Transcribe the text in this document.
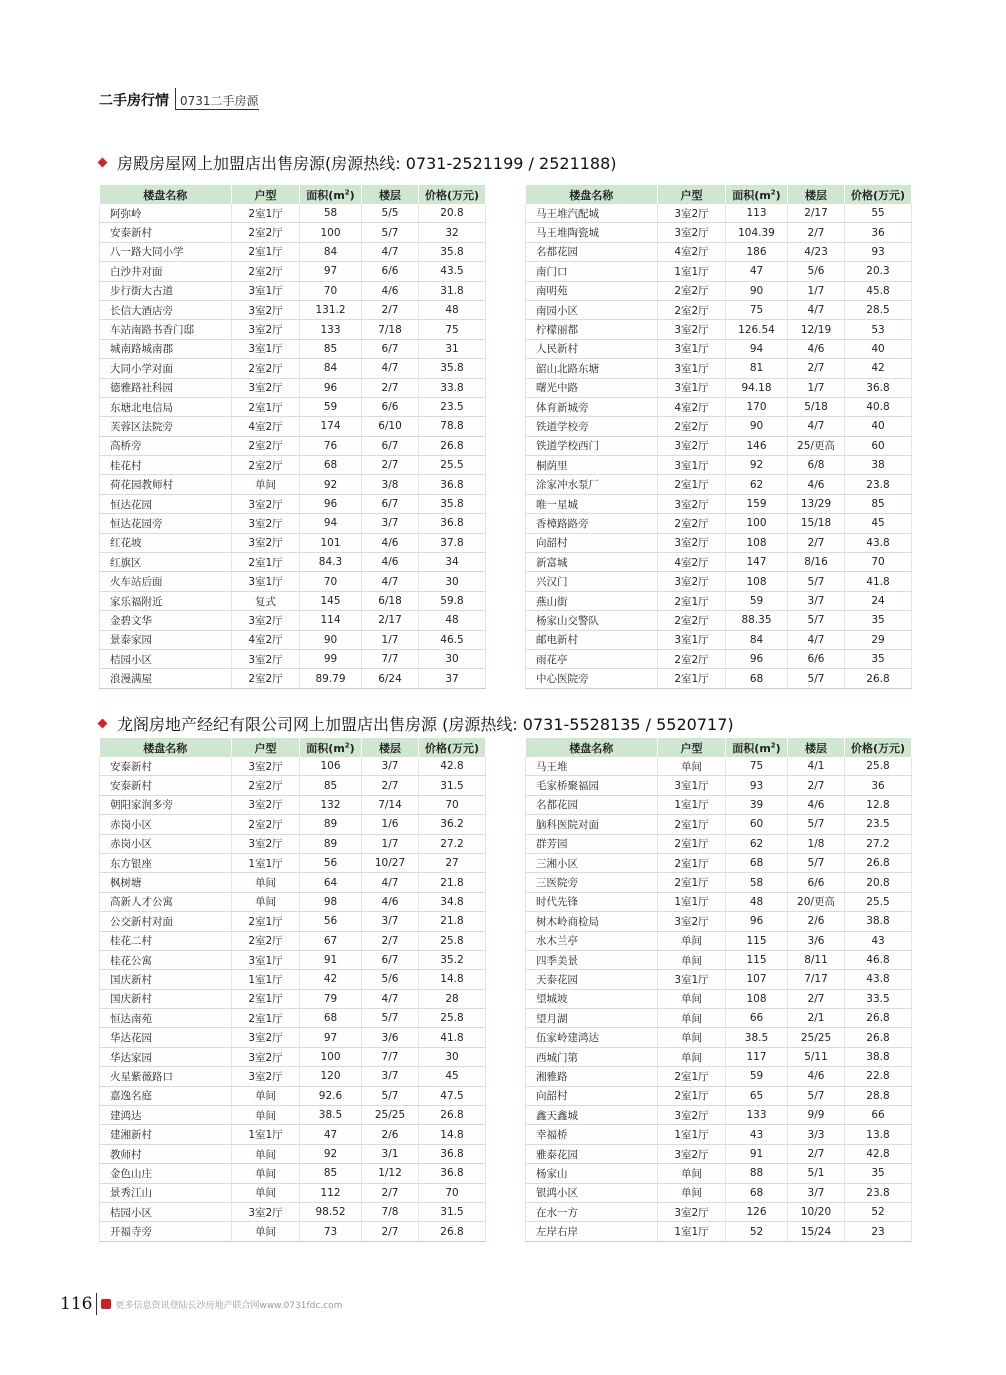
二手房行情 0731二手房源
房殿房屋网上加盟店出售房源(房源热线: 0731-2521199 / 2521188)
楼盘名称	户型	面积$(m^2)$	楼层	价格(万元)
阿弥岭	2室1厅	58	5/5	20.8
安泰新村	2室2厅	100	5/7	32
八一路大同小学	2室1厅	84	4/7	35.8
白沙井对面	2室2厅	97	6/6	43.5
步行街大古道	3室1厅	70	4/6	31.8
长信大酒店旁	3室2厅	131.2	2/7	48
车站南路书香门邸	3室2厅	133	7/18	75
城南路城南郡	3室1厅	85	6/7	31
大同小学对面	2室2厅	84	4/7	35.8
德雅路社科园	3室2厅	96	2/7	33.8
东塘北电信局	2室1厅	59	6/6	23.5
芙蓉区法院旁	4室2厅	174	6/10	78.8
高桥旁	2室2厅	76	6/7	26.8
桂花村	2室2厅	68	2/7	25.5
荷花园教师村	单间	92	3/8	36.8
恒达花园	3室2厅	96	6/7	35.8
恒达花园旁	3室2厅	94	3/7	36.8
红花坡	3室2厅	101	4/6	37.8
红旗区	2室1厅	84.3	4/6	34
火车站后面	3室1厅	70	4/7	30
家乐福附近	复式	145	6/18	59.8
金碧文华	3室2厅	114	2/17	48
景泰家园	4室2厅	90	1/7	46.5
桔园小区	3室2厅	99	7/7	30
浪漫满屋	2室2厅	89.79	6/24	37
楼盘名称	户型	面积$(m^2)$	楼层	价格(万元)
马王堆汽配城	3室2厅	113	2/17	55
马王堆陶瓷城	3室2厅	104.39	2/7	36
名都花园	4室2厅	186	4/23	93
南门口	1室1厅	47	5/6	20.3
南明苑	2室2厅	90	1/7	45.8
南园小区	2室2厅	75	4/7	28.5
柠檬丽都	3室2厅	126.54	12/19	53
人民新村	3室1厅	94	4/6	40
韶山北路东塘	3室1厅	81	2/7	42
曙光中路	3室1厅	94.18	1/7	36.8
体育新城旁	4室2厅	170	5/18	40.8
铁道学校旁	2室2厅	90	4/7	40
铁道学校西门	3室2厅	146	25/更高	60
桐荫里	3室1厅	92	6/8	38
涂家冲水泵厂	2室1厅	62	4/6	23.8
唯一星城	3室2厅	159	13/29	85
香樟路路旁	2室2厅	100	15/18	45
向韶村	3室2厅	108	2/7	43.8
新富城	4室2厅	147	8/16	70
兴汉门	3室2厅	108	5/7	41.8
燕山街	2室1厅	59	3/7	24
杨家山交警队	2室2厅	88.35	5/7	35
邮电新村	3室1厅	84	4/7	29
雨花亭	2室2厅	96	6/6	35
中心医院旁	2室1厅	68	5/7	26.8
龙阁房地产经纪有限公司网上加盟店出售房源 (房源热线: 0731-5528135 / 5520717)
楼盘名称	户型	面积$(m^2)$	楼层	价格(万元)
安泰新村	3室2厅	106	3/7	42.8
安泰新村	2室2厅	85	2/7	31.5
朝阳家润多旁	3室2厅	132	7/14	70
赤岗小区	2室2厅	89	1/6	36.2
赤岗小区	3室2厅	89	1/7	27.2
东方银座	1室1厅	56	10/27	27
枫树塘	单间	64	4/7	21.8
高新人才公寓	单间	98	4/6	34.8
公交新村对面	2室1厅	56	3/7	21.8
桂花二村	2室2厅	67	2/7	25.8
桂花公寓	3室1厅	91	6/7	35.2
国庆新村	1室1厅	42	5/6	14.8
国庆新村	2室1厅	79	4/7	28
恒达南苑	2室1厅	68	5/7	25.8
华达花园	3室2厅	97	3/6	41.8
华达家园	3室2厅	100	7/7	30
火星紫薇路口	3室2厅	120	3/7	45
嘉逸名庭	单间	92.6	5/7	47.5
建鸿达	单间	38.5	25/25	26.8
建湘新村	1室1厅	47	2/6	14.8
教师村	单间	92	3/1	36.8
金色山庄	单间	85	1/12	36.8
景秀江山	单间	112	2/7	70
桔园小区	3室2厅	98.52	7/8	31.5
开福寺旁	单间	73	2/7	26.8
楼盘名称	户型	面积$(m^2)$	楼层	价格(万元)
马王堆	单间	75	4/1	25.8
毛家桥聚福园	3室1厅	93	2/7	36
名都花园	1室1厅	39	4/6	12.8
脑科医院对面	2室1厅	60	5/7	23.5
群芳园	2室1厅	62	1/8	27.2
三湘小区	2室1厅	68	5/7	26.8
三医院旁	2室1厅	58	6/6	20.8
时代先锋	1室1厅	48	20/更高	25.5
树木岭商检局	3室2厅	96	2/6	38.8
水木兰亭	单间	115	3/6	43
四季美景	单间	115	8/11	46.8
天泰花园	3室1厅	107	7/17	43.8
望城坡	单间	108	2/7	33.5
望月湖	单间	66	2/1	26.8
伍家岭建鸿达	单间	38.5	25/25	26.8
西城门第	单间	117	5/11	38.8
湘雅路	2室1厅	59	4/6	22.8
向韶村	2室1厅	65	5/7	28.8
鑫天鑫城	3室2厅	133	9/9	66
幸福桥	1室1厅	43	3/3	13.8
雅泰花园	3室2厅	91	2/7	42.8
杨家山	单间	88	5/1	35
银鸿小区	单间	68	3/7	23.8
在水一方	3室2厅	126	10/20	52
左岸右岸	1室1厅	52	15/24	23
116	更多信息资讯登陆长沙房地产联合网www.0731fdc.com
